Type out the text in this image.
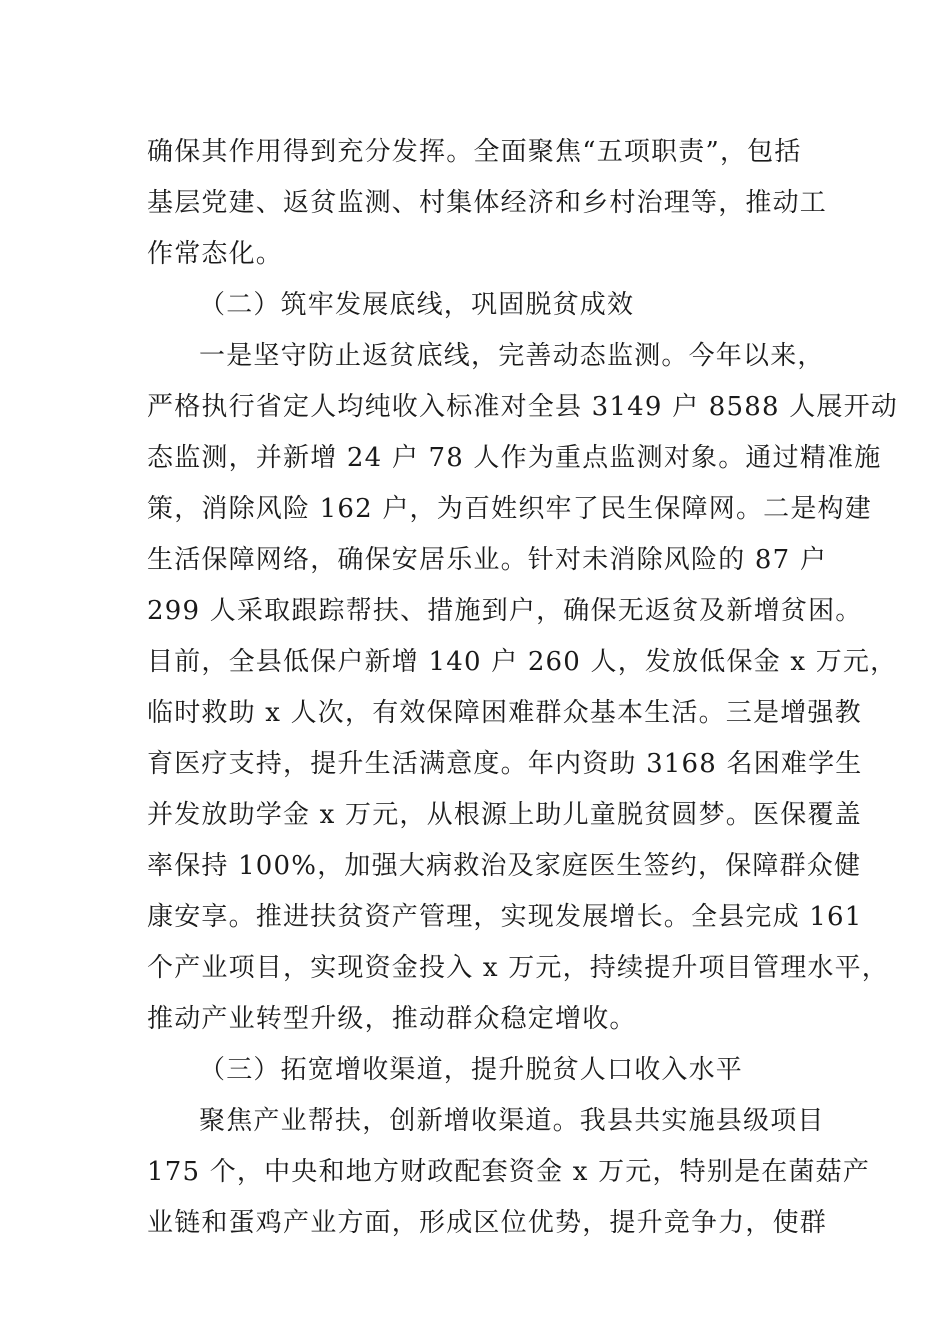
确保其作用得到充分发挥。全面聚焦“五项职责”，包括
基层党建、返贫监测、村集体经济和乡村治理等，推动工
作常态化。
（二）筑牢发展底线，巩固脱贫成效
一是坚守防止返贫底线，完善动态监测。今年以来，
严格执行省定人均纯收入标准对全县 3149 户 8588 人展开动
态监测，并新增 24 户 78 人作为重点监测对象。通过精准施
策，消除风险 162 户，为百姓织牢了民生保障网。二是构建
生活保障网络，确保安居乐业。针对未消除风险的 87 户
299 人采取跟踪帮扶、措施到户，确保无返贫及新增贫困。
目前，全县低保户新增 140 户 260 人，发放低保金 x 万元，
临时救助 x 人次，有效保障困难群众基本生活。三是增强教
育医疗支持，提升生活满意度。年内资助 3168 名困难学生
并发放助学金 x 万元，从根源上助儿童脱贫圆梦。医保覆盖
率保持 100%，加强大病救治及家庭医生签约，保障群众健
康安享。推进扶贫资产管理，实现发展增长。全县完成 161
个产业项目，实现资金投入 x 万元，持续提升项目管理水平，
推动产业转型升级，推动群众稳定增收。
（三）拓宽增收渠道，提升脱贫人口收入水平
聚焦产业帮扶，创新增收渠道。我县共实施县级项目
175 个，中央和地方财政配套资金 x 万元，特别是在菌菇产
业链和蛋鸡产业方面，形成区位优势，提升竞争力，使群
